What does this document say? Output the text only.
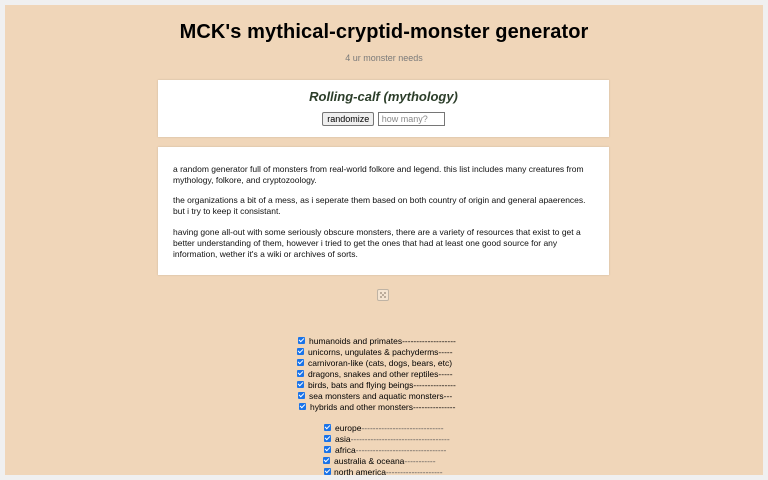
MCK's mythical-cryptid-monster generator
4 ur monster needs
Rolling-calf (mythology)
randomize how many?

a random generator full of monsters from real-world folkore and legend. this list includes many creatures from mythology, folkore, and cryptozoology.

the organizations a bit of a mess, as i seperate them based on both country of origin and general apaerences. but i try to keep it consistant.

having gone all-out with some seriously obscure monsters, there are a variety of resources that exist to get a better understanding of them, however i tried to get the ones that had at least one good source for any information, wether it's a wiki or archives of sorts.

humanoids and primates-------------------
unicorns, ungulates & pachyderms-----
carnivoran-like (cats, dogs, bears, etc)
dragons, snakes and other reptiles-----
birds, bats and flying beings---------------
sea monsters and aquatic monsters---
hybrids and other monsters---------------
europe-----------------------------
asia-----------------------------------
africa--------------------------------
australia & oceana-----------
north america--------------------
